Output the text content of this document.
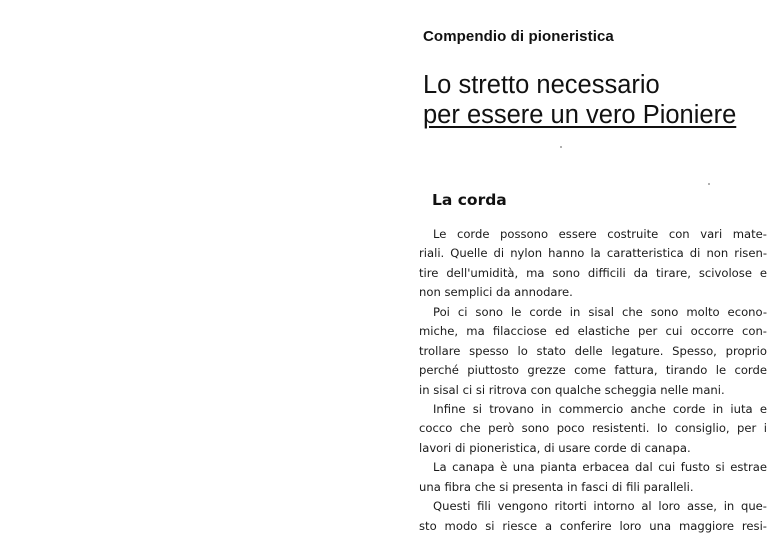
Compendio di pioneristica
Lo stretto necessario
per essere un vero Pioniere
La corda
Le corde possono essere costruite con vari mate-
riali. Quelle di nylon hanno la caratteristica di non risen-
tire dell'umidità, ma sono difficili da tirare, scivolose e
non semplici da annodare.
Poi ci sono le corde in sisal che sono molto econo-
miche, ma filacciose ed elastiche per cui occorre con-
trollare spesso lo stato delle legature. Spesso, proprio
perché piuttosto grezze come fattura, tirando le corde
in sisal ci si ritrova con qualche scheggia nelle mani.
Infine si trovano in commercio anche corde in iuta e
cocco che però sono poco resistenti. Io consiglio, per i
lavori di pioneristica, di usare corde di canapa.
La canapa è una pianta erbacea dal cui fusto si estrae
una fibra che si presenta in fasci di fili paralleli.
Questi fili vengono ritorti intorno al loro asse, in que-
sto modo si riesce a conferire loro una maggiore resi-
